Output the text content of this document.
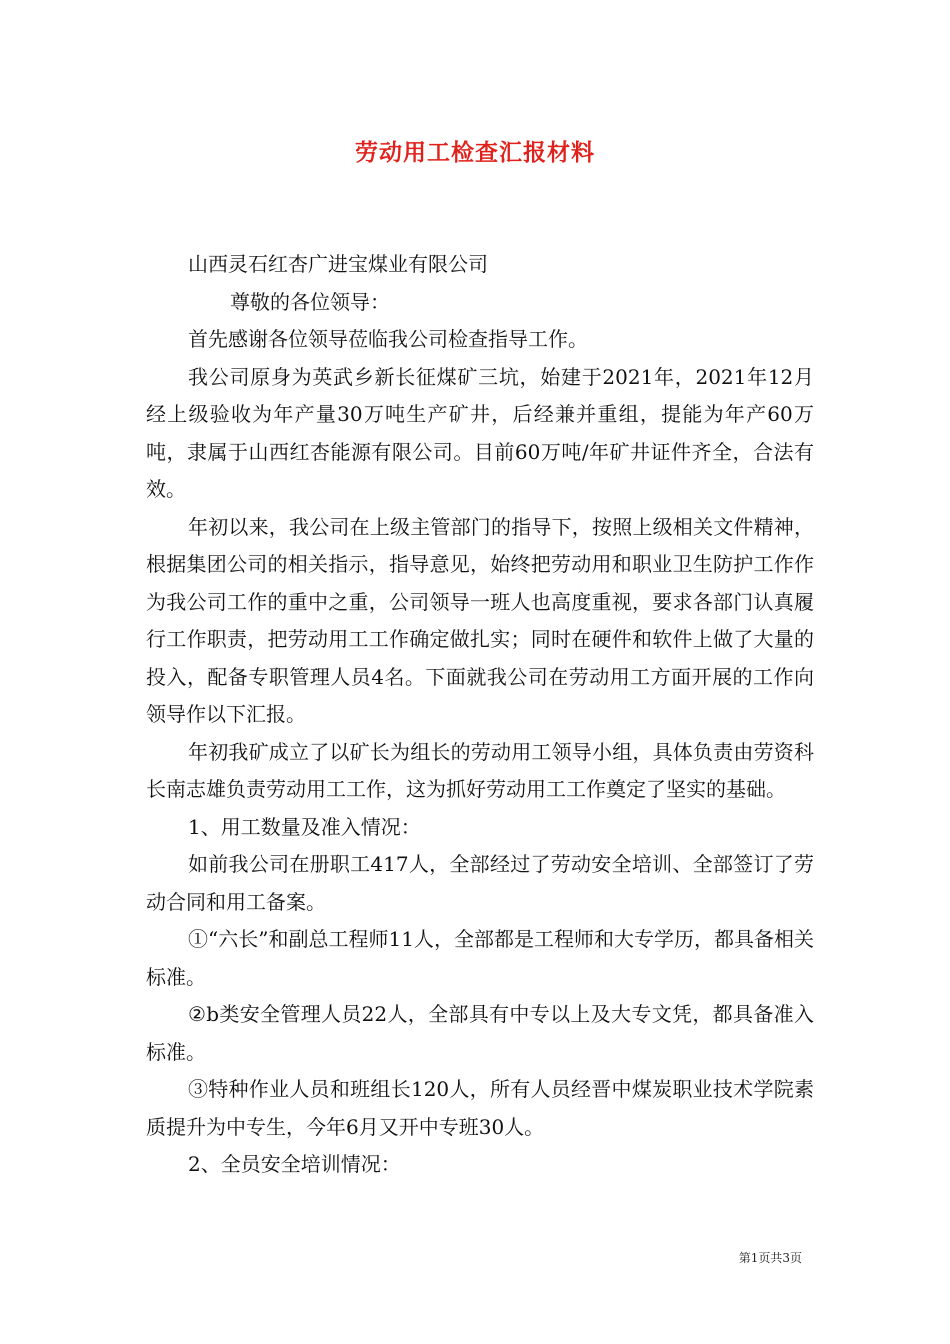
劳动用工检查汇报材料

山西灵石红杏广进宝煤业有限公司

尊敬的各位领导：

首先感谢各位领导莅临我公司检查指导工作。

我公司原身为英武乡新长征煤矿三坑，始建于2021年，2021年12月经上级验收为年产量30万吨生产矿井，后经兼并重组，提能为年产60万吨，隶属于山西红杏能源有限公司。目前60万吨/年矿井证件齐全，合法有效。

年初以来，我公司在上级主管部门的指导下，按照上级相关文件精神，根据集团公司的相关指示，指导意见，始终把劳动用和职业卫生防护工作作为我公司工作的重中之重，公司领导一班人也高度重视，要求各部门认真履行工作职责，把劳动用工工作确定做扎实；同时在硬件和软件上做了大量的投入，配备专职管理人员4名。下面就我公司在劳动用工方面开展的工作向领导作以下汇报。

年初我矿成立了以矿长为组长的劳动用工领导小组，具体负责由劳资科长南志雄负责劳动用工工作，这为抓好劳动用工工作奠定了坚实的基础。

1、用工数量及准入情况：

如前我公司在册职工417人，全部经过了劳动安全培训、全部签订了劳动合同和用工备案。

①“六长”和副总工程师11人，全部都是工程师和大专学历，都具备相关标准。

②b类安全管理人员22人，全部具有中专以上及大专文凭，都具备准入标准。

③特种作业人员和班组长120人，所有人员经晋中煤炭职业技术学院素质提升为中专生，今年6月又开中专班30人。

2、全员安全培训情况：

第1页共3页
